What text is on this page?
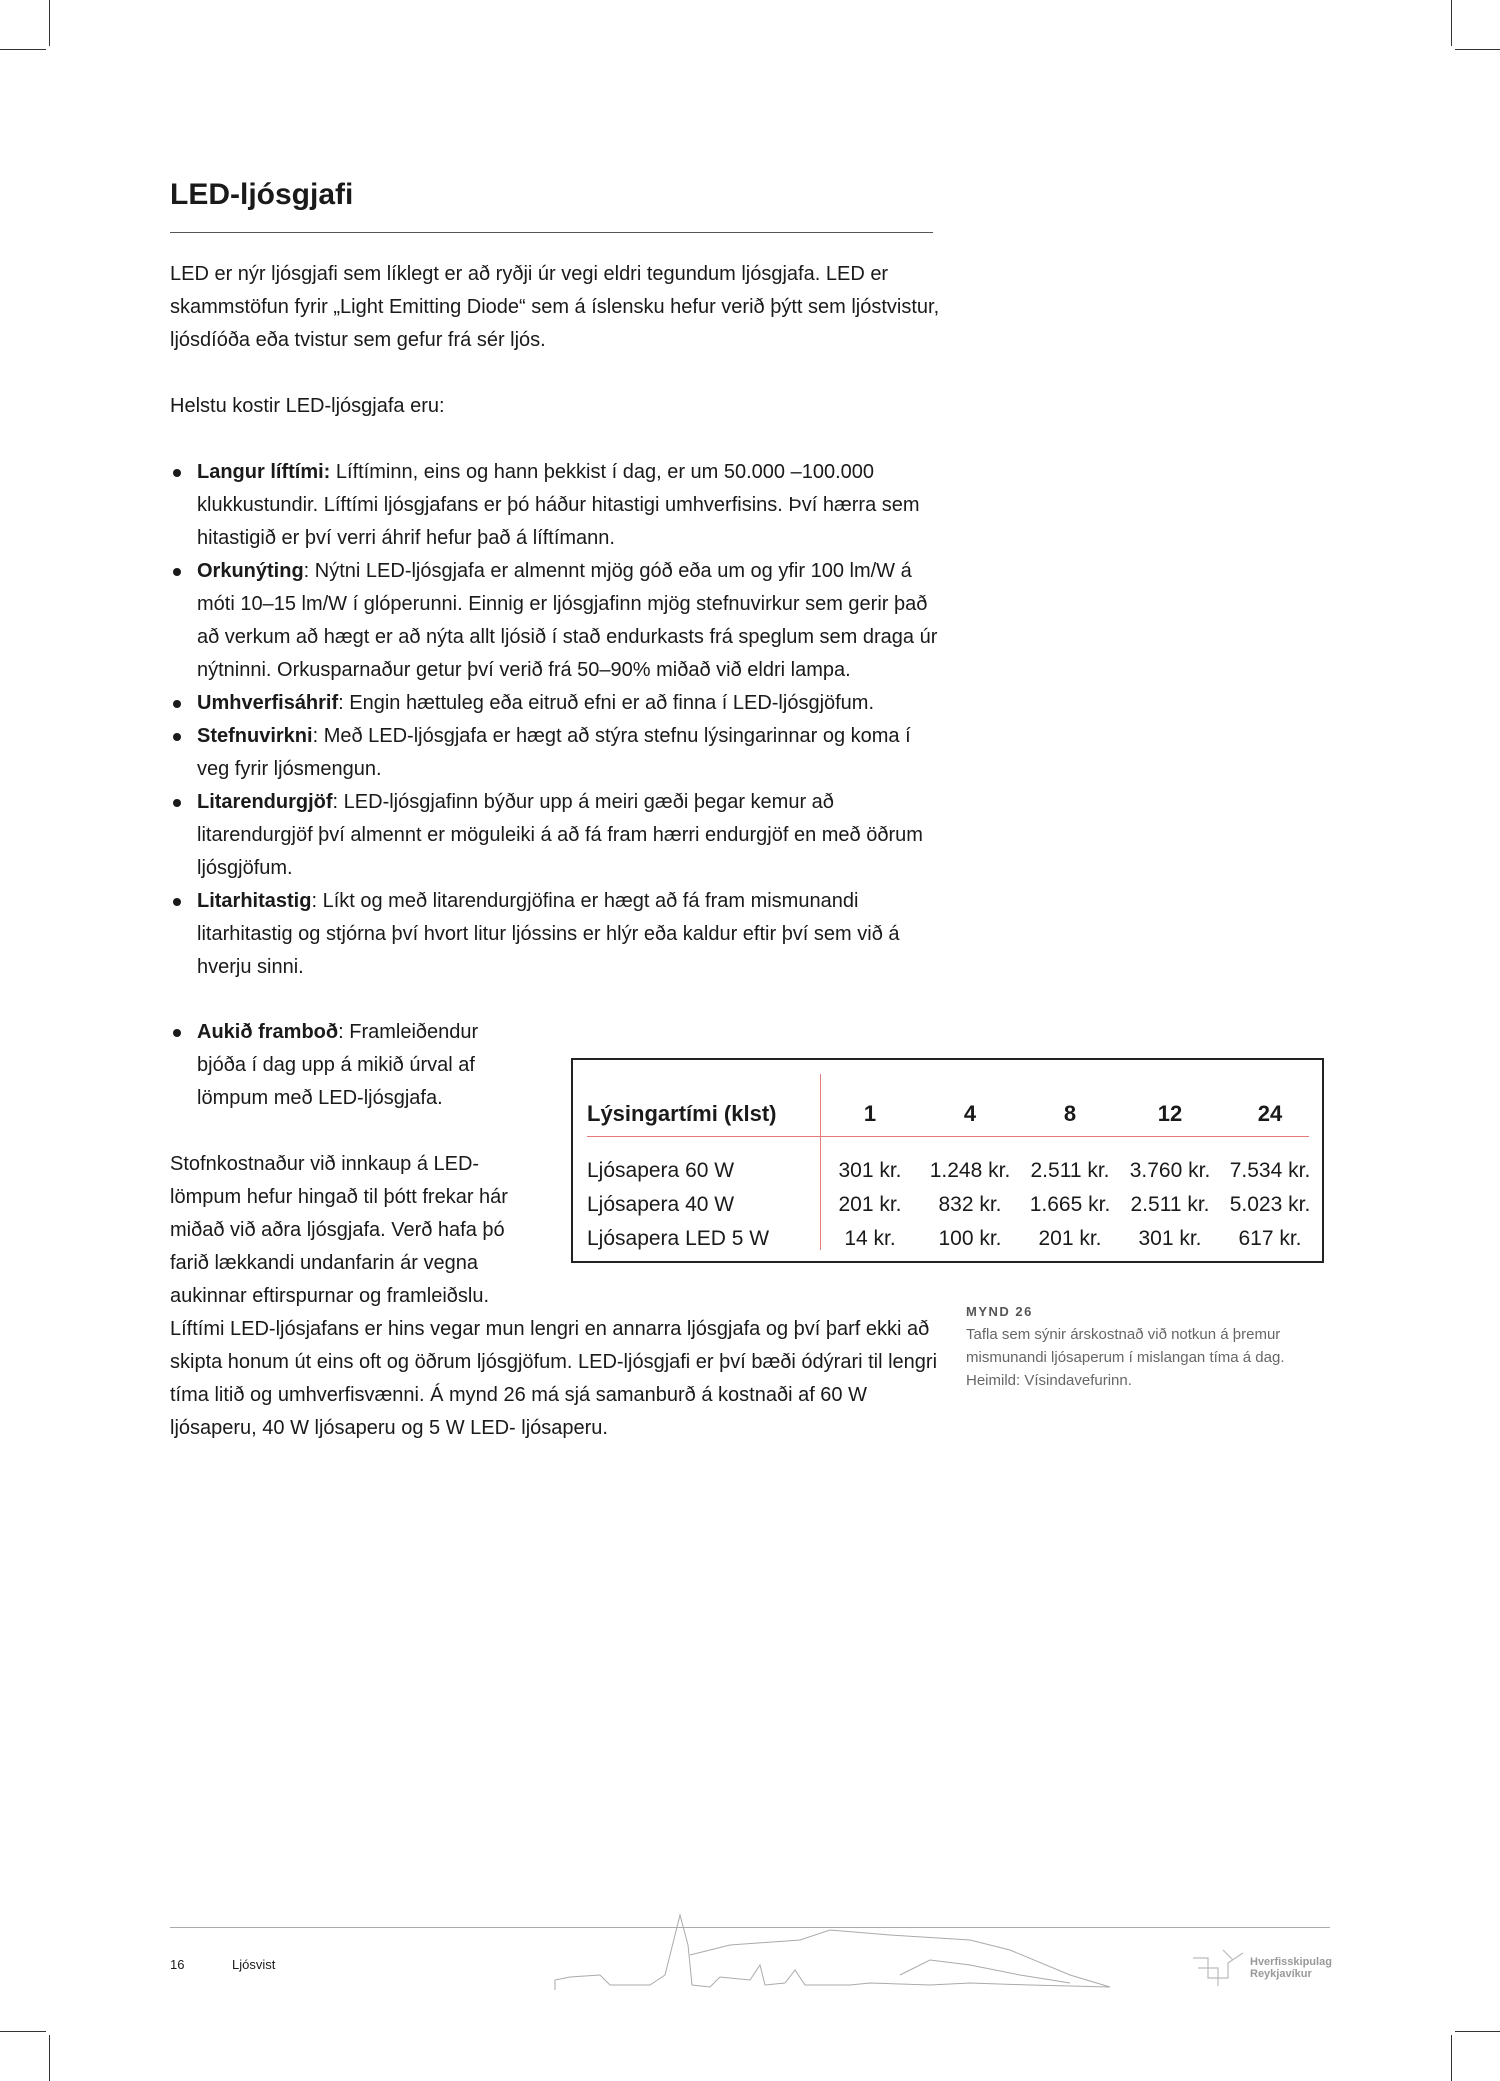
LED-ljósgjafi

LED er nýr ljósgjafi sem líklegt er að ryðji úr vegi eldri tegundum ljósgjafa. LED er skammstöfun fyrir „Light Emitting Diode“ sem á íslensku hefur verið þýtt sem ljóstvistur, ljósdíóða eða tvistur sem gefur frá sér ljós.

Helstu kostir LED-ljósgjafa eru:

Langur líftími: Líftíminn, eins og hann þekkist í dag, er um 50.000 –100.000 klukkustundir. Líftími ljósgjafans er þó háður hitastigi umhverfisins. Því hærra sem hitastigið er því verri áhrif hefur það á líftímann.
Orkunýting: Nýtni LED-ljósgjafa er almennt mjög góð eða um og yfir 100 lm/W á móti 10–15 lm/W í glóperunni. Einnig er ljósgjafinn mjög stefnuvirkur sem gerir það að verkum að hægt er að nýta allt ljósið í stað endurkasts frá speglum sem draga úr nýtninni. Orkusparnaður getur því verið frá 50–90% miðað við eldri lampa.
Umhverfisáhrif: Engin hættuleg eða eitruð efni er að finna í LED-ljósgjöfum.
Stefnuvirkni: Með LED-ljósgjafa er hægt að stýra stefnu lýsingarinnar og koma í veg fyrir ljósmengun.
Litarendurgjöf: LED-ljósgjafinn býður upp á meiri gæði þegar kemur að litarendurgjöf því almennt er möguleiki á að fá fram hærri endurgjöf en með öðrum ljósgjöfum.
Litarhitastig: Líkt og með litarendurgjöfina er hægt að fá fram mismunandi litarhitastig og stjórna því hvort litur ljóssins er hlýr eða kaldur eftir því sem við á hverju sinni.
Aukið framboð: Framleiðendur bjóða í dag upp á mikið úrval af lömpum með LED-ljósgjafa.

Stofnkostnaður við innkaup á LED-lömpum hefur hingað til þótt frekar hár miðað við aðra ljósgjafa. Verð hafa þó farið lækkandi undanfarin ár vegna aukinnar eftirspurnar og framleiðslu.

Líftími LED-ljósjafans er hins vegar mun lengri en annarra ljósgjafa og því þarf ekki að skipta honum út eins oft og öðrum ljósgjöfum. LED-ljósgjafi er því bæði ódýrari til lengri tíma litið og umhverfisvænni. Á mynd 26 má sjá samanburð á kostnaði af 60 W ljósaperu, 40 W ljósaperu og 5 W LED- ljósaperu.

Lýsingartími (klst)	1	4	8	12	24

Ljósapera 60 W	301 kr.	1.248 kr.	2.511 kr.	3.760 kr.	7.534 kr.
Ljósapera 40 W	201 kr.	832 kr.	1.665 kr.	2.511 kr.	5.023 kr.
Ljósapera LED 5 W	14 kr.	100 kr.	201 kr.	301 kr.	617 kr.
MYND 26
Tafla sem sýnir árskostnað við notkun á þremur mismunandi ljósaperum í mislangan tíma á dag.
Heimild: Vísindavefurinn.
16	Ljósvist	Hverfisskipulag
Reykjavíkur
